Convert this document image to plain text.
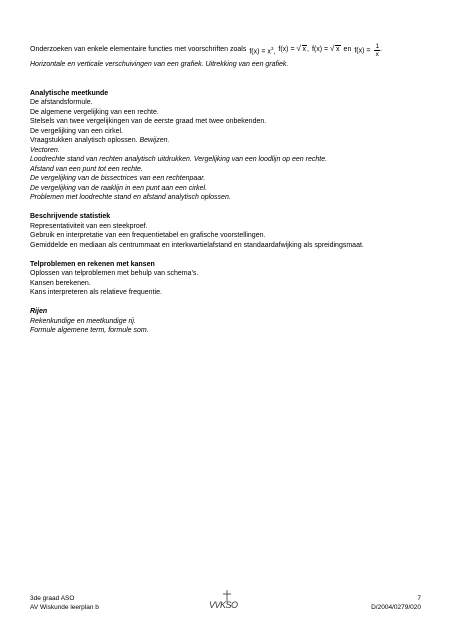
Onderzoeken van enkele elementaire functies met voorschriften zoals $f(x) = x^3$, f(x) = √ x, f(x) = √ x en $f(x) = \frac{1}{x}$ .
Horizontale en verticale verschuivingen van een grafiek. Uitrekking van een grafiek.
Analytische meetkunde
De afstandsformule.
De algemene vergelijking van een rechte.
Stelsels van twee vergelijkingen van de eerste graad met twee onbekenden.
De vergelijking van een cirkel.
Vraagstukken analytisch oplossen. Bewijzen.
Vectoren.
Loodrechte stand van rechten analytisch uitdrukken. Vergelijking van een loodlijn op een rechte.
Afstand van een punt tot een rechte.
De vergelijking van de bissectrices van een rechtenpaar.
De vergelijking van de raaklijn in een punt aan een cirkel.
Problemen met loodrechte stand en afstand analytisch oplossen.
Beschrijvende statistiek
Representativiteit van een steekproef.
Gebruik en interpretatie van een frequentietabel en grafische voorstellingen.
Gemiddelde en mediaan als centrummaat en interkwartielafstand en standaardafwijking als spreidingsmaat.
Telproblemen en rekenen met kansen
Oplossen van telproblemen met behulp van schema’s.
Kansen berekenen.
Kans interpreteren als relatieve frequentie.
Rijen
Rekenkundige en meetkundige rij.
Formule algemene term, formule som.
3de graad ASO
AV Wiskunde leerplan b	VVKSO
7
D/2004/0279/020
